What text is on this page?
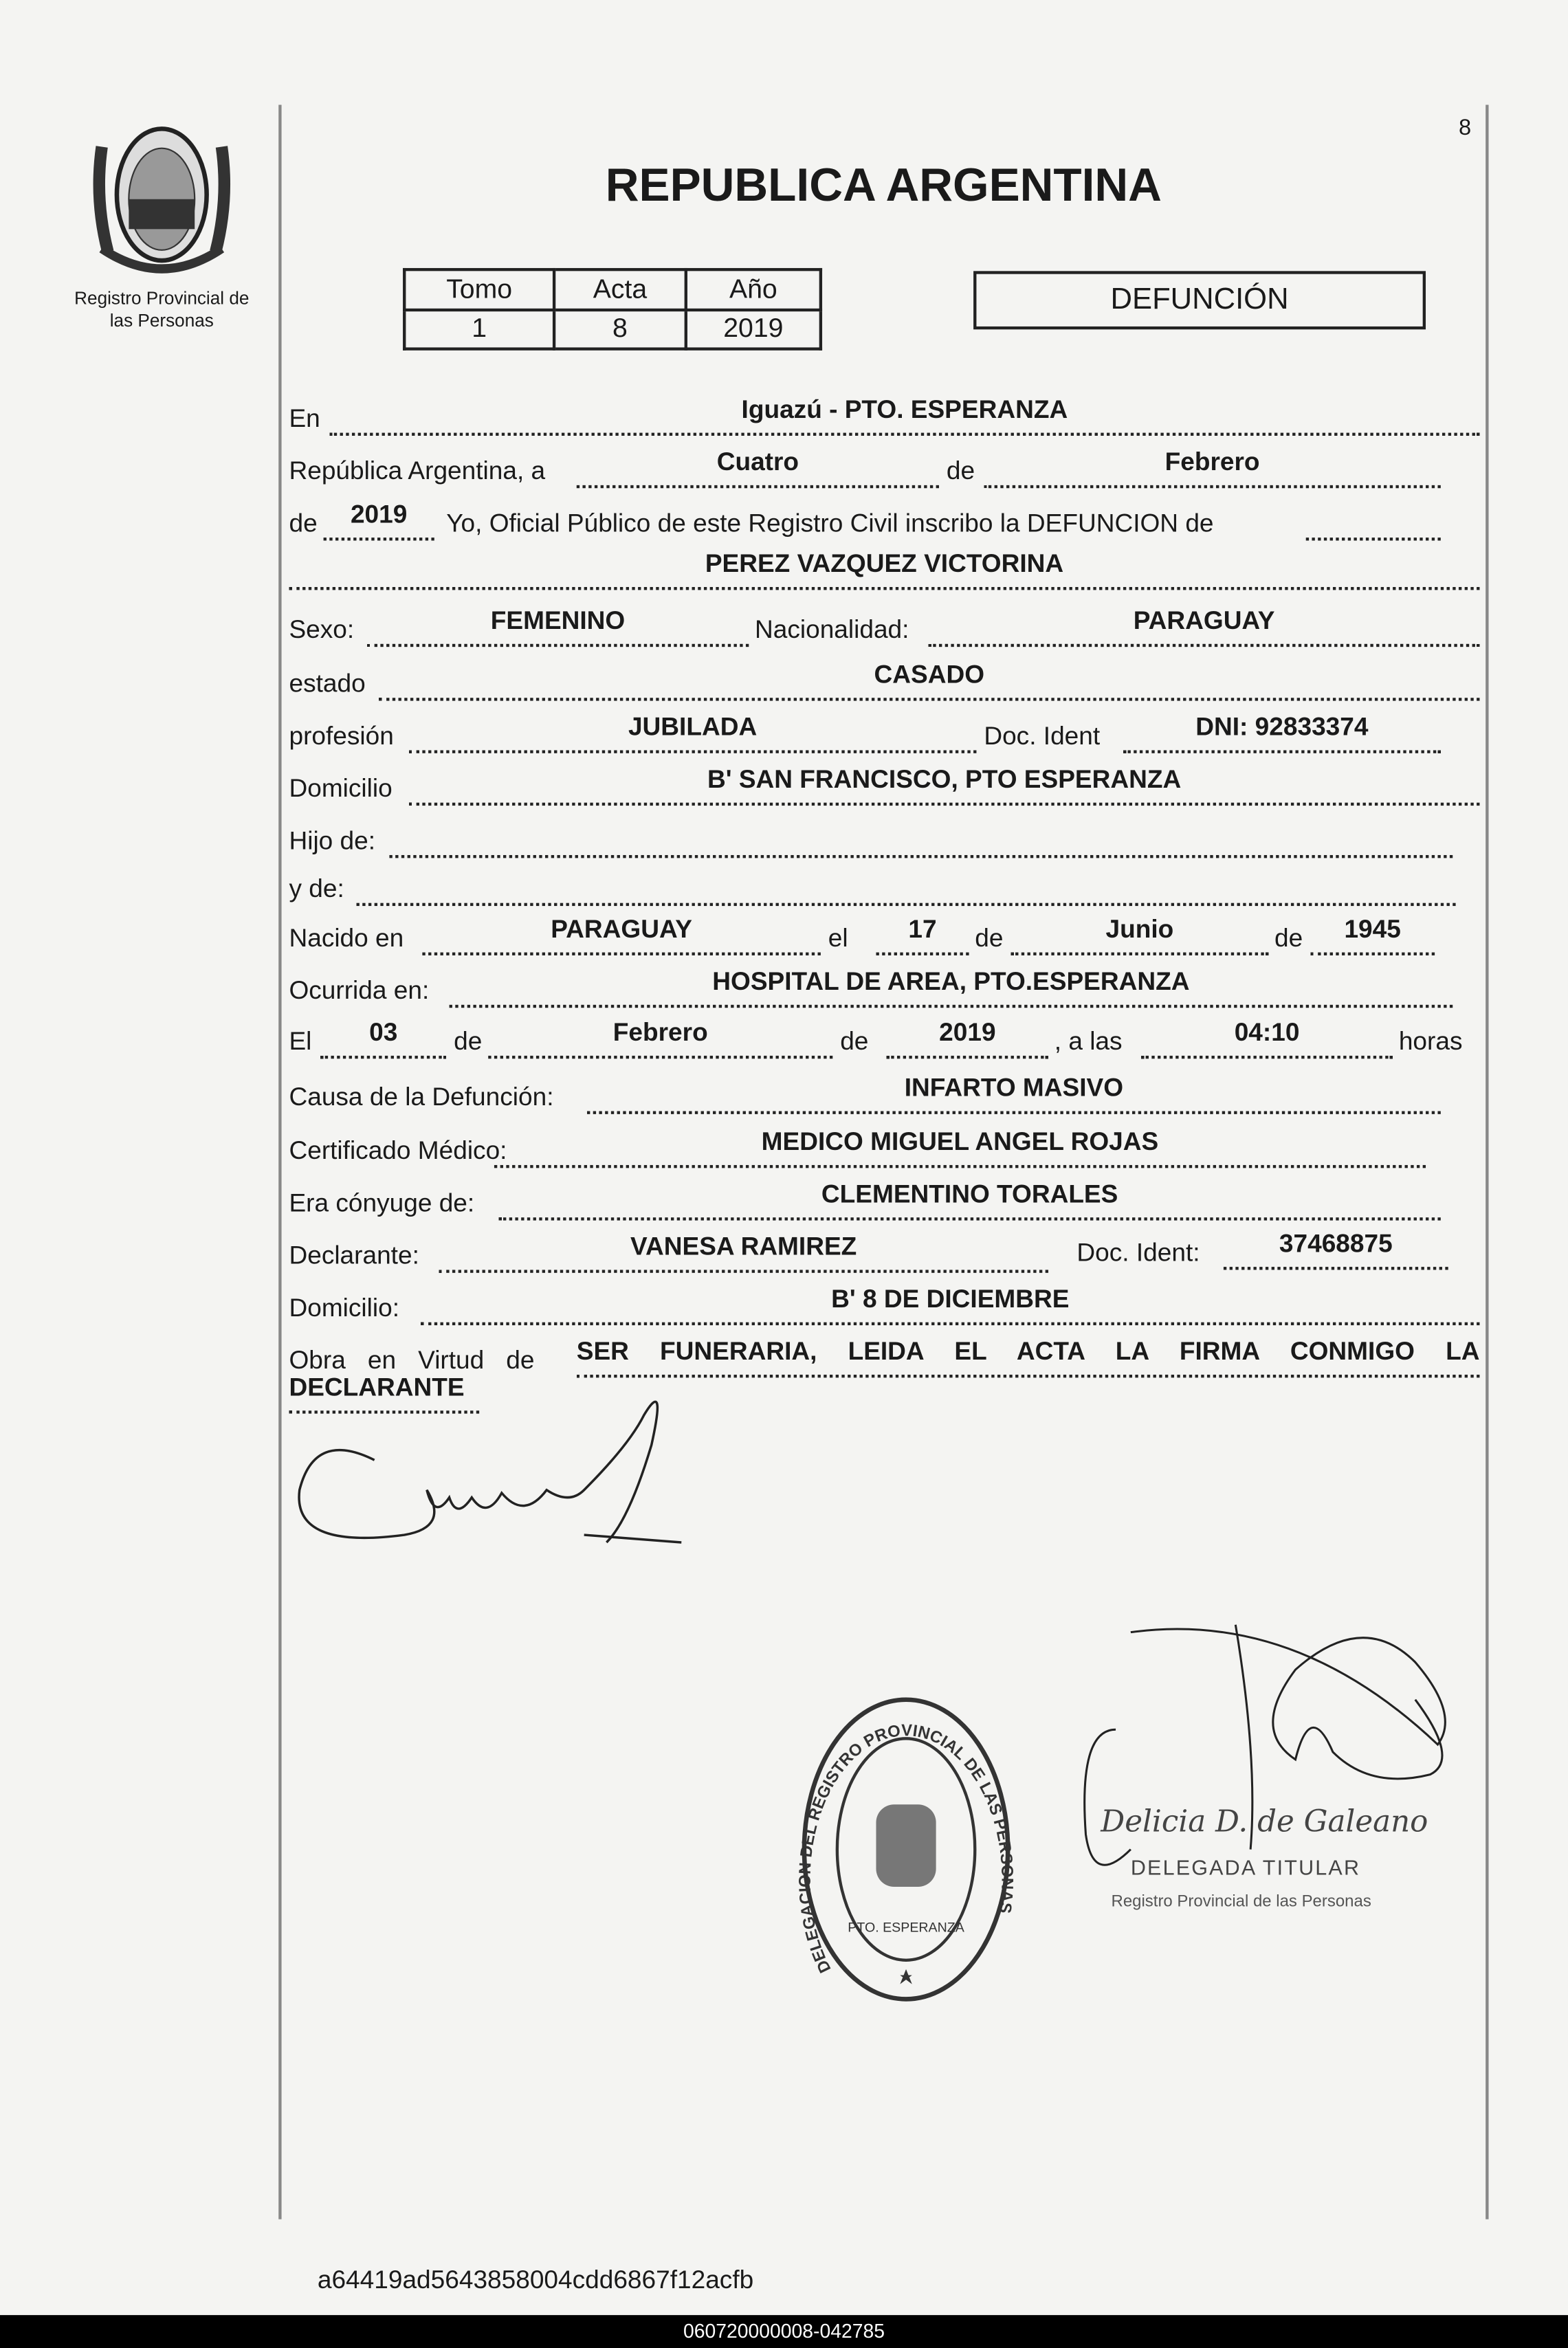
8
Registro Provincial de
las Personas
REPUBLICA ARGENTINA
Tomo	Acta	Año
1	8	2019
DEFUNCIÓN
En	Iguazú - PTO. ESPERANZA
República Argentina, a	Cuatro	de	Febrero
de	2019	Yo, Oficial Público de este Registro Civil inscribo la DEFUNCION de
PEREZ VAZQUEZ VICTORINA
Sexo:	FEMENINO	Nacionalidad:	PARAGUAY
estado	CASADO
profesión	JUBILADA	Doc. Ident	DNI: 92833374
Domicilio	B' SAN FRANCISCO, PTO ESPERANZA
Hijo de:
y de:
Nacido en	PARAGUAY	el	17	de	Junio	de	1945
Ocurrida en:	HOSPITAL DE AREA, PTO.ESPERANZA
El	03	de	Febrero	de	2019	, a las	04:10	horas
Causa de la Defunción:	INFARTO MASIVO
Certificado Médico:	MEDICO MIGUEL ANGEL ROJAS
Era cónyuge de:	CLEMENTINO TORALES
Declarante:	VANESA RAMIREZ	Doc. Ident:	37468875
Domicilio:	B' 8 DE DICIEMBRE
Obra en Virtud de	SER FUNERARIA, LEIDA EL ACTA LA FIRMA CONMIGO LA
DECLARANTE
DELEGACION DEL REGISTRO PROVINCIAL DE LAS PERSONAS
PTO. ESPERANZA
Delicia D. de Galeano
DELEGADA TITULAR
Registro Provincial de las Personas
a64419ad5643858004cdd6867f12acfb
060720000008-042785
